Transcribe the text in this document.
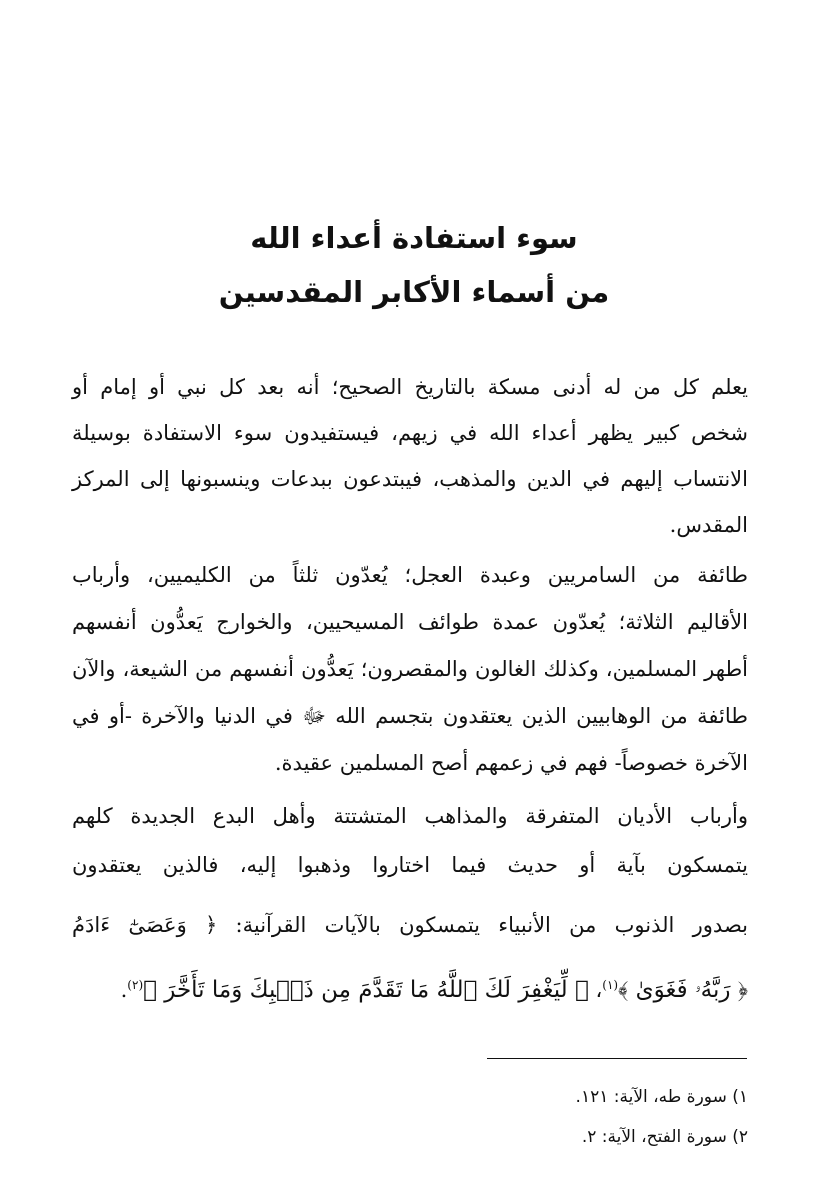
سوء استفادة أعداء الله
من أسماء الأكابر المقدسين
يعلم كل من له أدنى مسكة بالتاريخ الصحيح؛ أنه بعد كل نبي أو إمام أو
شخص كبير يظهر أعداء الله في زيهم، فيستفيدون سوء الاستفادة بوسيلة
الانتساب إليهم في الدين والمذهب، فيبتدعون ببدعات وينسبونها إلى المركز
المقدس.
طائفة من السامريين وعبدة العجل؛ يُعدّون ثلثاً من الكليميين، وأرباب
الأقاليم الثلاثة؛ يُعدّون عمدة طوائف المسيحيين، والخوارج يَعدُّون أنفسهم
أطهر المسلمين، وكذلك الغالون والمقصرون؛ يَعدُّون أنفسهم من الشيعة، والآن
طائفة من الوهابيين الذين يعتقدون بتجسم الله ﷻ في الدنيا والآخرة -أو في
الآخرة خصوصاً- فهم في زعمهم أصح المسلمين عقيدة.
وأرباب الأديان المتفرقة والمذاهب المتشتتة وأهل البدع الجديدة كلهم
يتمسكون بآية أو حديث فيما اختاروا وذهبوا إليه، فالذين يعتقدون
بصدور الذنوب من الأنبياء يتمسكون بالآيات القرآنية: ﴿ وَعَصَىٰٓ ءَادَمُ
﴿ رَبَّهُۥ فَغَوَىٰ ﴾$^{(١)}$، ﴿ لِّيَغْفِرَ لَكَ ٱللَّهُ مَا تَقَدَّمَ مِن ذَنۢبِكَ وَمَا تَأَخَّرَ ﴾$^{(٢)}$.
١) سورة طه، الآية: ١٢١.
٢) سورة الفتح، الآية: ٢.
